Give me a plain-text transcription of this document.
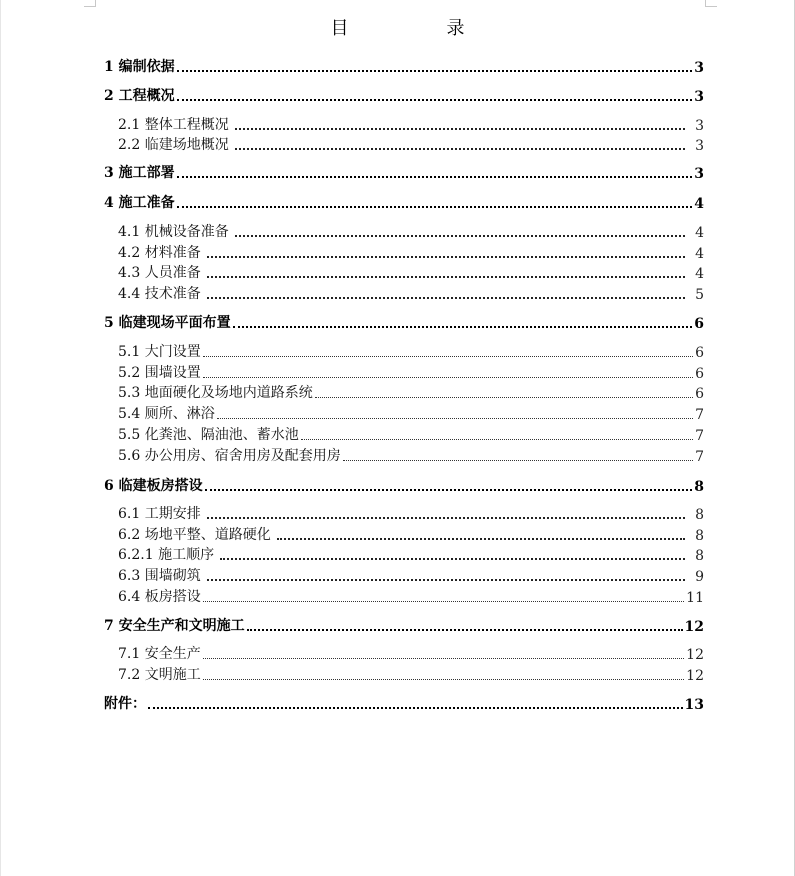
目　录
1 编制依据	3
2 工程概况	3
2.1 整体工程概况	3
2.2 临建场地概况	3
3 施工部署	3
4 施工准备	4
4.1 机械设备准备	4
4.2 材料准备	4
4.3 人员准备	4
4.4 技术准备	5
5 临建现场平面布置	6
5.1 大门设置	6
5.2 围墙设置	6
5.3 地面硬化及场地内道路系统	6
5.4 厕所、淋浴	7
5.5 化粪池、隔油池、蓄水池	7
5.6 办公用房、宿舍用房及配套用房	7
6 临建板房搭设	8
6.1 工期安排	8
6.2 场地平整、道路硬化	8
6.2.1 施工顺序	8
6.3 围墙砌筑	9
6.4 板房搭设	11
7 安全生产和文明施工	12
7.1 安全生产	12
7.2 文明施工	12
附件：	13
